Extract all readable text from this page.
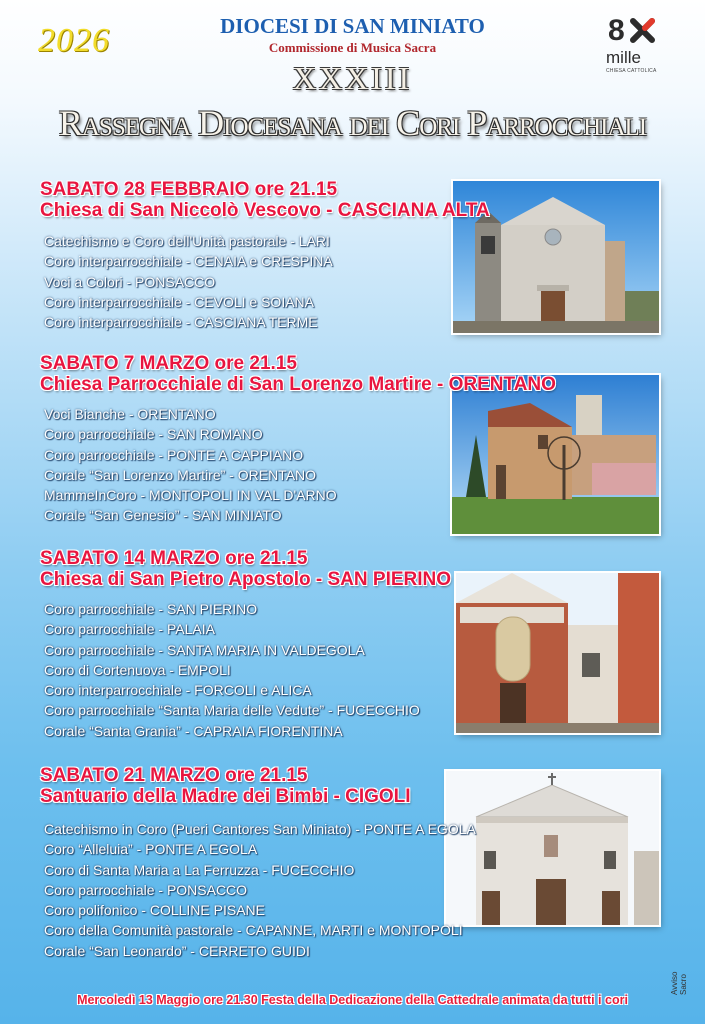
2026	DIOCESI DI SAN MINIATO
Commissione di Musica Sacra
XXXIII
Rassegna Diocesana dei Cori Parrocchiali
8
mille
CHIESA CATTOLICA
SABATO 28 FEBBRAIO ore 21.15
Chiesa di San Niccolò Vescovo - CASCIANA ALTA
Catechismo e Coro dell'Unità pastorale - LARI
Coro interparrocchiale - CENAIA e CRESPINA
Voci a Colori - PONSACCO
Coro interparrocchiale - CEVOLI e SOIANA
Coro interparrocchiale - CASCIANA TERME
SABATO 7 MARZO ore 21.15
Chiesa Parrocchiale di San Lorenzo Martire - ORENTANO
Voci Bianche - ORENTANO
Coro parrocchiale - SAN ROMANO
Coro parrocchiale - PONTE A CAPPIANO
Corale “San Lorenzo Martire” - ORENTANO
MammeInCoro - MONTOPOLI IN VAL D'ARNO
Corale “San Genesio” - SAN MINIATO
SABATO 14 MARZO ore 21.15
Chiesa di San Pietro Apostolo - SAN PIERINO
Coro parrocchiale - SAN PIERINO
Coro parrocchiale - PALAIA
Coro parrocchiale - SANTA MARIA IN VALDEGOLA
Coro di Cortenuova - EMPOLI
Coro interparrocchiale - FORCOLI e ALICA
Coro parrocchiale “Santa Maria delle Vedute” - FUCECCHIO
Corale “Santa Grania” - CAPRAIA FIORENTINA
SABATO 21 MARZO ore 21.15
Santuario della Madre dei Bimbi - CIGOLI
Catechismo in Coro (Pueri Cantores San Miniato) - PONTE A EGOLA
Coro “Alleluia” - PONTE A EGOLA
Coro di Santa Maria a La Ferruzza - FUCECCHIO
Coro parrocchiale - PONSACCO
Coro polifonico - COLLINE PISANE
Coro della Comunità pastorale - CAPANNE, MARTI e MONTOPOLI
Corale “San Leonardo” - CERRETO GUIDI
Mercoledì 13 Maggio ore 21.30 Festa della Dedicazione della Cattedrale animata da tutti i cori
Avviso Sacro
